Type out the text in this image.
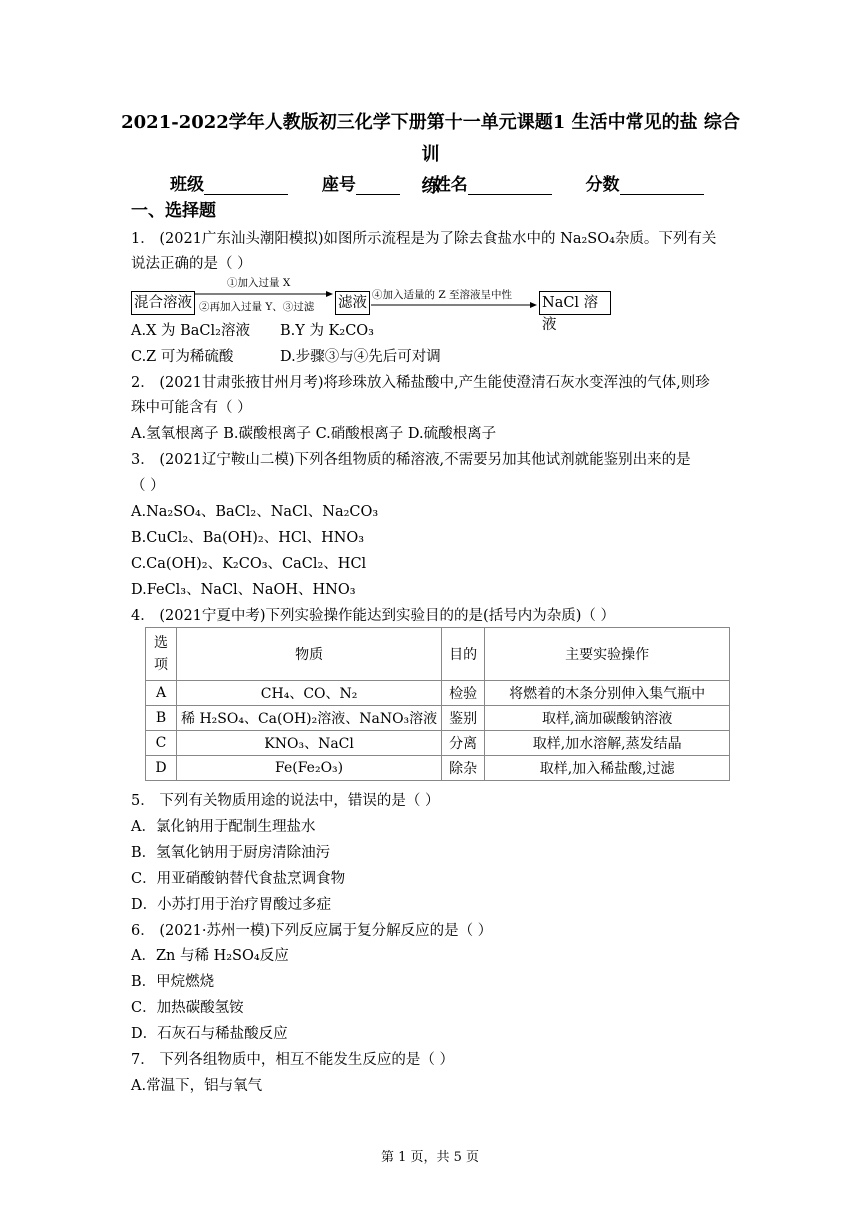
2021-2022学年人教版初三化学下册第十一单元课题1 生活中常见的盐 综合训
练
班级	座号	姓名	分数
一、选择题
1． (2021广东汕头潮阳模拟)如图所示流程是为了除去食盐水中的 Na₂SO₄杂质。下列有关
说法正确的是（ ）
混合溶液
①加入过量 X
②再加入过量 Y、③过滤 滤液 ④加入适量的 Z 至溶液呈中性 NaCl 溶液
A.X 为 BaCl₂溶液 B.Y 为 K₂CO₃
C.Z 可为稀硫酸	D.步骤③与④先后可对调
2． (2021甘肃张掖甘州月考)将珍珠放入稀盐酸中,产生能使澄清石灰水变浑浊的气体,则珍
珠中可能含有（ ）
A.氢氧根离子 B.碳酸根离子 C.硝酸根离子 D.硫酸根离子
3． (2021辽宁鞍山二模)下列各组物质的稀溶液,不需要另加其他试剂就能鉴别出来的是
（ ）
A.Na₂SO₄、BaCl₂、NaCl、Na₂CO₃
B.CuCl₂、Ba(OH)₂、HCl、HNO₃
C.Ca(OH)₂、K₂CO₃、CaCl₂、HCl
D.FeCl₃、NaCl、NaOH、HNO₃
4． (2021宁夏中考)下列实验操作能达到实验目的的是(括号内为杂质)（ ）
选项	物质	目的	主要实验操作
A	CH₄、CO、N₂	检验	将燃着的木条分别伸入集气瓶中
B	稀 H₂SO₄、Ca(OH)₂溶液、NaNO₃溶液	鉴别	取样,滴加碳酸钠溶液
C	KNO₃、NaCl	分离	取样,加水溶解,蒸发结晶
D	Fe(Fe₂O₃)	除杂	取样,加入稀盐酸,过滤
5． 下列有关物质用途的说法中，错误的是（ ）
A．氯化钠用于配制生理盐水
B．氢氧化钠用于厨房清除油污
C．用亚硝酸钠替代食盐烹调食物
D．小苏打用于治疗胃酸过多症
6． (2021·苏州一模)下列反应属于复分解反应的是（ ）
A．Zn 与稀 H₂SO₄反应
B．甲烷燃烧
C．加热碳酸氢铵
D．石灰石与稀盐酸反应
7． 下列各组物质中，相互不能发生反应的是（ ）
A.常温下，铝与氧气
第 1 页，共 5 页
